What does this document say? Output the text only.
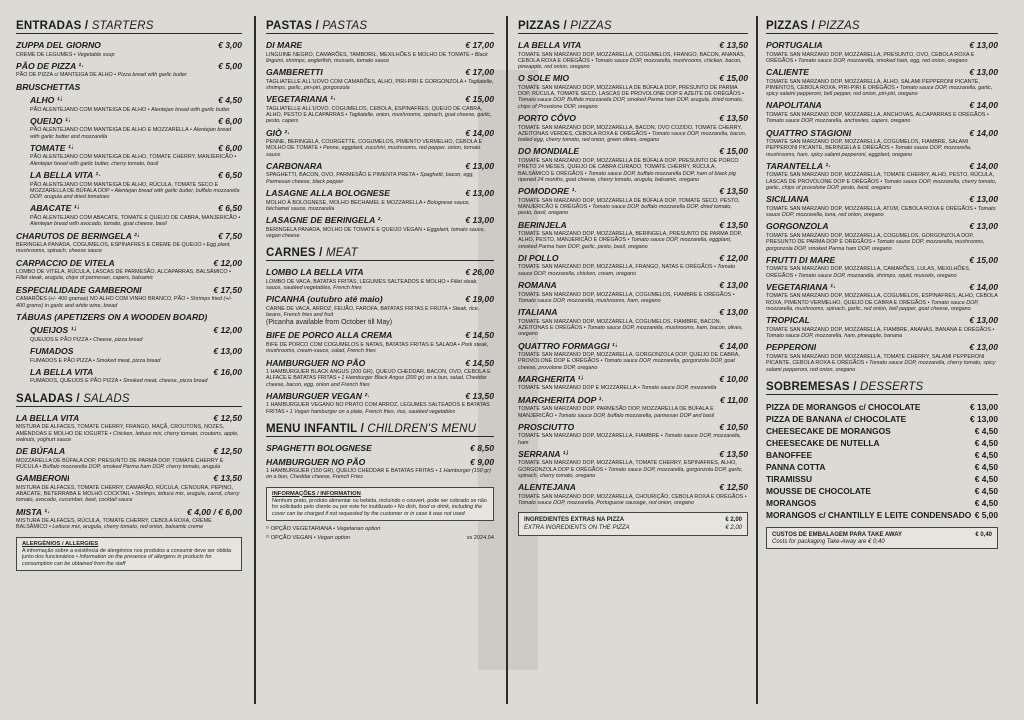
ENTRADAS / STARTERS
ZUPPA DEL GIORNO	€ 3,00
CREME DE LEGUMES • Vegetable soup
PÃO DE PIZZA ¹⁾	€ 5,00
PÃO DE PIZZA c/ MANTEIGA DE ALHO • Pizza bread with garlic butter
BRUSCHETTAS
ALHO ¹⁾	€ 4,50
PÃO ALENTEJANO COM MANTEIGA DE ALHO • Alentejan bread with garlic butter
QUEIJO ¹⁾	€ 6,00
PÃO ALENTEJANO COM MANTEIGA DE ALHO E MOZZARELLA • Alentejan bread with garlic butter and mozzarella
TOMATE ¹⁾	€ 6,00
PÃO ALENTEJANO COM MANTEIGA DE ALHO, TOMATE CHERRY, MANJERICÃO • Alentejan bread with garlic butter, cherry tomato, basil
LA BELLA VITA ¹⁾	€ 6,50
PÃO ALENTEJANO COM MANTEIGA DE ALHO, RÚCULA, TOMATE SECO E MOZZARELLA DE BÚFALA DOP • Alentejan bread with garlic butter, buffalo mozzarella DOP, arugula and dried tomatoes
ABACATE ¹⁾	€ 6,50
PÃO ALENTEJANO COM ABACATE, TOMATE E QUEIJO DE CABRA, MANJERICÃO • Alentejan bread with avocado, tomato, goat cheese, basil
CHARUTOS DE BERINGELA ²⁾	€ 7,50
BERINGELA PANADA, COGUMELOS, ESPINAFRES E CREME DE QUEIJO • Egg plant, mushrooms, spinach, cheese sauce
CARPACCIO DE VITELA	€ 12,00
LOMBO DE VITELA, RÚCULA, LASCAS DE PARMESÃO, ALCAPARRAS, BALSÂMICO • Fillet steak, arugula, chips of parmesan, capers, balsamic
ESPECIALIDADE GAMBERONI	€ 17,50
CAMARÕES (+/- 400 gramas) NO ALHO COM VINHO BRANCO, PÃO • Shrimps fried (+/- 400 grams) in garlic and white wine, bread
TÁBUAS (APETIZERS ON A WOODEN BOARD)
QUEIJOS ¹⁾	€ 12,00
QUEIJOS E PÃO PIZZA • Cheese, pizza bread
FUMADOS	€ 13,00
FUMADOS E PÃO PIZZA • Smoked meat, pizza bread
LA BELLA VITA	€ 16,00
FUMADOS, QUEIJOS E PÃO PIZZA • Smoked meat, cheese, pizza bread
SALADAS / SALADS
LA BELLA VITA	€ 12,50
MISTURA DE ALFACES, TOMATE CHERRY, FRANGO, MAÇÃ, CROUTONS, NOZES, AMÊNDOAS E MOLHO DE IOGURTE • Chicken, lettuce mix, cherry tomato, croutons, apple, walnuts, yoghurt sauce
DE BÚFALA	€ 12,50
MOZZARELLA DE BÚFALA DOP, PRESUNTO DE PARMA DOP, TOMATE CHERRY E RÚCULA • Buffalo mozzarella DOP, smoked Parma ham DOP, cherry tomato, arugula
GAMBERONI	€ 13,50
MISTURA DE ALFACES, TOMATE CHERRY, CAMARÃO, RÚCULA, CENOURA, PEPINO, ABACATE, BETERRABA E MOLHO COCKTAIL • Shrimps, lettuce mix, arugula, carrot, cherry tomato, avocado, cucumber, beet, cocktail sauce
MISTA ¹⁾	€ 4,00 / € 6,00
MISTURA DE ALFACES, RÚCULA, TOMATE CHERRY, CEBOLA ROXA, CREME BALSÂMICO • Lettuce mix, arugula, cherry tomato, red onion, balsamic creme
ALERGÉNIOS / ALLERGIES
A informação sobre a existência de alergénios nos produtos a consumir deve ser obtida junto dos funcionários • Information on the presence of allergens in products for consumption can be obtained from the staff
PASTAS / PASTAS
DI MARE	€ 17,00
LINGUINE NEGRO, CAMARÕES, TAMBORIL, MEXILHÕES E MOLHO DE TOMATE • Black linguini, shrimps, anglerfish, mussels, tomato sauce
GAMBERETTI	€ 17,00
TAGLIATELLE ALL'UOVO COM CAMARÕES, ALHO, PIRI-PIRI E GORGONZOLA • Tagliatelle, shrimps, garlic, piri-piri, gorgonzola
VEGETARIANA ¹⁾	€ 15,00
TAGLIATELLE ALL'UOVO, COGUMELOS, CEBOLA, ESPINAFRES, QUEIJO DE CABRA, ALHO, PESTO E ALCAPARRAS • Tagliatelle, onion, mushrooms, spinach, goat cheese, garlic, pesto, capers
GIÒ ²⁾	€ 14,00
PENNE, BERINGELA, COURGETTE, COGUMELOS, PIMENTO VERMELHO, CEBOLA E MOLHO DE TOMATE • Penne, eggplant, zucchini, mushrooms, red pepper, onion, tomato sauce
CARBONARA	€ 13,00
SPAGHETTI, BACON, OVO, PARMESÃO E PIMENTA PRETA • Spaghetti, bacon, egg, Parmesan cheese, black pepper
LASAGNE ALLA BOLOGNESE	€ 13,00
MOLHO À BOLOGNESE, MOLHO BECHAMEL E MOZZARELLA • Bolognese sauce, béchamel sauce, mozzarella
LASAGNE DE BERINGELA ²⁾	€ 13,00
BERINGELA PANADA, MOLHO DE TOMATE E QUEIJO VEGAN • Eggplant, tomato sauce, vegan cheese
CARNES / MEAT
LOMBO LA BELLA VITA	€ 26,00
LOMBO DE VACA, BATATAS FRITAS, LEGUMES SALTEADOS E MOLHO • Fillet steak, sauce, sautéed vegetables, French fries
PICANHA (outubro até maio)	€ 19,00
CARNE DE VACA, ARROZ, FEIJÃO, FAROFA, BATATAS FRITAS E FRUTA • Steak, rice, beans, French fries and fruit
(Picanha available from October till May)
BIFE DE PORCO ALLA CREMA	€ 14,50
BIFE DE PORCO COM COGUMELOS E NATAS, BATATAS FRITAS E SALADA • Pork steak, mushrooms, cream-sauce, salad, French fries
HAMBURGUER NO PÃO	€ 14,50
1 HAMBURGUER BLACK ANGUS (200 GR), QUEIJO CHEDDAR, BACON, OVO, CEBOLA E ALFACE E BATATAS FRITAS • 1 Hamburger Black Angus (200 gr) on a bun, salad, Cheddar cheese, bacon, egg, onion and French fries
HAMBURGUER VEGAN ²⁾	€ 13,50
1 HAMBURGUER VEGANO NO PRATO COM ARROZ, LEGUMES SALTEADOS E BATATAS FRITAS • 1 Vegan hamburger on a plate, French fries, rice, sautéed vegetables
MENU INFANTIL / CHILDREN'S MENU
SPAGHETTI BOLOGNESE	€ 8,50
HAMBURGUER NO PÃO	€ 9,00
1 HAMBURGUER (150 GR), QUEIJO CHEDDAR E BATATAS FRITAS • 1 Hamburger (150 gr) on a bun, Cheddar cheese, French Fries
INFORMAÇÕES / INFORMATION
Nenhum prato, produto alimentar ou bebida, incluindo o couvert, pode ser cobrado se não for solicitado pelo cliente ou por este for inutilizado • No dish, food or drink, including the cover can be charged if not requested by the customer or in case it was not used
¹⁾ OPÇÃO VEGETARIANA • Vegetarian option
²⁾ OPÇÃO VEGAN • Vegan option	vs 2024.04
PIZZAS / PIZZAS
LA BELLA VITA	€ 13,50
TOMATE SAN MARZANO DOP, MOZZARELLA, COGUMELOS, FRANGO, BACON, ANANÁS, CEBOLA ROXA E ORÉGÃOS • Tomato sauce DOP, mozzarella, mushrooms, chicken, bacon, pineapple, red onion, oregano
O SOLE MIO	€ 15,00
TOMATE SAN MARZANO DOP, MOZZARELLA DE BÚFALA DOP, PRESUNTO DE PARMA DOP, RÚCULA, TOMATE SECO, LASCAS DE PROVOLONE DOP E AZEITE DE ORÉGÃOS • Tomato sauce DOP, Buffalo mozzarella DOP, smoked Parma ham DOP, arugula, dried tomato, chips of Provolone DOP, oregano
PORTO CÔVO	€ 13,50
TOMATE SAN MARZANO DOP, MOZZARELLA, BACON, OVO COZIDO, TOMATE CHERRY, AZEITONAS VERDES, CEBOLA ROXA E ORÉGÃOS • Tomato sauce DOP, mozzarella, bacon, boiled egg, cherry tomato, red onion, green olives, oregano
DO MONDIALE	€ 15,00
TOMATE SAN MARZANO DOP, MOZZARELLA DE BÚFALA DOP, PRESUNTO DE PORCO PRETO 24 MESES, QUEIJO DE CABRA CURADO, TOMATE CHERRY, RÚCULA, BALSÂMICO E ORÉGÃOS • Tomato sauce DOP, buffalo mozzarella DOP, ham of black pig ripened 24 months, goat cheese, cherry tomato, arugula, balsamic, oregano
POMODORE ¹⁾	€ 13,50
TOMATE SAN MARZANO DOP, MOZZARELLA DE BÚFALA DOP, TOMATE SECO, PESTO, MANJERICÃO E ORÉGÃOS • Tomato sauce DOP, buffalo mozzarella DOP, dried tomato, pesto, basil, oregano
BERINJELA	€ 13,50
TOMATE SAN MARZANO DOP, MOZZARELLA, BERINGELA, PRESUNTO DE PARMA DOP, ALHO, PESTO, MANJERICÃO E ORÉGÃOS • Tomato sauce DOP, mozzarella, eggplant, smoked Parma ham DOP, garlic, pesto, basil, oregano
DI POLLO	€ 12,00
TOMATE SAN MARZANO DOP, MOZZARELLA, FRANGO, NATAS E ORÉGÃOS • Tomato sauce DOP, mozzarella, chicken, cream, oregano
ROMANA	€ 13,00
TOMATE SAN MARZANO DOP, MOZZARELLA, COGUMELOS, FIAMBRE E ORÉGÃOS • Tomato sauce DOP, mozzarella, mushrooms, ham, oregano
ITALIANA	€ 13,00
TOMATE SAN MARZANO DOP, MOZZARELLA, COGUMELOS, FIAMBRE, BACON, AZEITONAS E ORÉGÃOS • Tomato sauce DOP, mozzarella, mushrooms, ham, bacon, olives, oregano
QUATTRO FORMAGGI ¹⁾	€ 14,00
TOMATE SAN MARZANO DOP, MOZZARELLA, GORGONZOLA DOP, QUEIJO DE CABRA, PROVOLONE DOP E ORÉGÃOS • Tomato sauce DOP, mozzarella, gorgonzola DOP, goat cheese, provolone DOP, oregano
MARGHERITA ¹⁾	€ 10,00
TOMATE SAN MARZANO DOP E MOZZARELLA • Tomato sauce DOP, mozzarella
MARGHERITA DOP ¹⁾	€ 11,00
TOMATE SAN MARZANO DOP, PARMESÃO DOP, MOZZARELLA DE BÚFALA E MANJERICÃO • Tomato sauce DOP, buffalo mozzarella, parmesan DOP and basil
PROSCIUTTO	€ 10,50
TOMATE SAN MARZANO DOP, MOZZARELLA, FIAMBRE • Tomato sauce DOP, mozzarella, ham
SERRANA ¹⁾	€ 13,50
TOMATE SAN MARZANO DOP, MOZZARELLA, TOMATE CHERRY, ESPINAFRES, ALHO, GORGONZOLA DOP E ORÉGÃOS • Tomato sauce DOP, mozzarella, gorgonzola DOP, garlic, spinach, cherry tomato, oregano
ALENTEJANA	€ 12,50
TOMATE SAN MARZANO DOP, MOZZARELLA, CHOURIÇÃO, CEBOLA ROXA E ORÉGÃOS • Tomato sauce DOP, mozzarella, Portuguese sausage, red onion, oregano
INGREDIENTES EXTRAS NA PIZZA	€ 2,00
EXTRA INGREDIENTS ON THE PIZZA	€ 2,00
PIZZAS / PIZZAS
PORTUGALIA	€ 13,00
TOMATE SAN MARZANO DOP, MOZZARELLA, PRESUNTO, OVO, CEBOLA ROXA E ORÉGÃOS • Tomato sauce DOP, mozzarella, smoked ham, egg, red onion, oregano
CALIENTE	€ 13,00
TOMATE SAN MARZANO DOP, MOZZARELLA, ALHO, SALAMI PEPPERONI PICANTE, PIMENTOS, CEBOLA ROXA, PIRI-PIRI E ORÉGÃOS • Tomato sauce DOP, mozzarella, garlic, spicy salami pepperoni, bell pepper, red onion, piri-piri, oregano
NAPOLITANA	€ 14,00
TOMATE SAN MARZANO DOP, MOZZARELLA, ANCHOVAS, ALCAPARRAS E ORÉGÃOS • Tomato sauce DOP, mozzarella, anchovies, capers, oregano
QUATTRO STAGIONI	€ 14,00
TOMATE SAN MARZANO DOP, MOZZARELLA, COGUMELOS, FIAMBRE, SALAMI PEPPERONI PICANTE, BERINGELA E ORÉGÃOS • Tomato sauce DOP, mozzarella, mushrooms, ham, spicy salami pepperoni, eggplant, oregano
TARANTELLA ¹⁾	€ 14,00
TOMATE SAN MARZANO DOP, MOZZARELLA, TOMATE CHERRY, ALHO, PESTO, RÚCULA, LASCAS DE PROVOLONE DOP E ORÉGÃOS • Tomato sauce DOP, mozzarella, cherry tomato, garlic, chips of provolone DOP, pesto, basil, oregano
SICILIANA	€ 13,00
TOMATE SAN MARZANO DOP, MOZZARELLA, ATUM, CEBOLA ROXA E ORÉGÃOS • Tomato sauce DOP, mozzarella, tuna, red onion, oregano
GORGONZOLA	€ 13,00
TOMATE SAN MARZANO DOP, MOZZARELLA, COGUMELOS, GORGONZOLA DOP, PRESUNTO DE PARMA DOP E ORÉGÃOS • Tomato sauce DOP, mozzarella, mushrooms, gorgonzola DOP, smoked Parma ham DOP, oregano
FRUTTI DI MARE	€ 15,00
TOMATE SAN MARZANO DOP, MOZZARELLA, CAMARÕES, LULAS, MEXILHÕES, ORÉGÃOS • Tomato sauce DOP, mozzarella, shrimps, squid, mussels, oregano
VEGETARIANA ¹⁾	€ 14,00
TOMATE SAN MARZANO DOP, MOZZARELLA, COGUMELOS, ESPINAFRES, ALHO, CEBOLA ROXA, PIMENTO VERMELHO, QUEIJO DE CABRA E ORÉGÃOS • Tomato sauce DOP, mozzarella, mushrooms, spinach, garlic, red onion, bell pepper, goat cheese, oregano
TROPICAL	€ 13,00
TOMATE SAN MARZANO DOP, MOZZARELLA, FIAMBRE, ANANÁS, BANANA E ORÉGÃOS • Tomato sauce DOP, mozzarella, ham, pineapple, banana
PEPPERONI	€ 13,00
TOMATE SAN MARZANO DOP, MOZZARELLA, TOMATE CHERRY, SALAMI PEPPERONI PICANTE, CEBOLA ROXA E ORÉGÃOS • Tomato sauce DOP, mozzarella, cherry tomato, spicy salami pepperoni, red onion, oregano
SOBREMESAS / DESSERTS
PIZZA DE MORANGOS c/ CHOCOLATE	€ 13,00
PIZZA DE BANANA c/ CHOCOLATE	€ 13,00
CHEESECAKE DE MORANGOS	€ 4,50
CHEESECAKE DE NUTELLA	€ 4,50
BANOFFEE	€ 4,50
PANNA COTTA	€ 4,50
TIRAMISSU	€ 4,50
MOUSSE DE CHOCOLATE	€ 4,50
MORANGOS	€ 4,50
MORANGOS c/ CHANTILLY E LEITE CONDENSADO € 5,00
CUSTOS DE EMBALAGEM PARA TAKE AWAY	€ 0,40
Costs for packaging Take-Away are € 0,40
